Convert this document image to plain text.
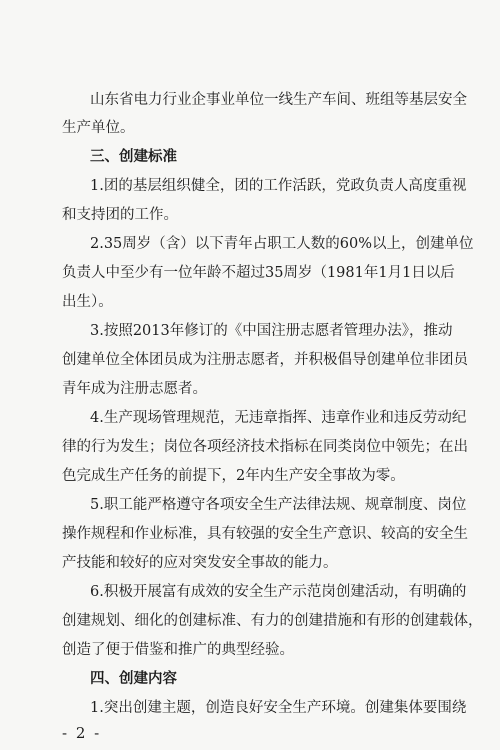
山东省电力行业企事业单位一线生产车间、班组等基层安全
生产单位。
三、创建标准
1.团的基层组织健全，团的工作活跃，党政负责人高度重视
和支持团的工作。
2.35周岁（含）以下青年占职工人数的60%以上，创建单位
负责人中至少有一位年龄不超过35周岁（1981年1月1日以后
出生）。
3.按照2013年修订的《中国注册志愿者管理办法》，推动
创建单位全体团员成为注册志愿者，并积极倡导创建单位非团员
青年成为注册志愿者。
4.生产现场管理规范，无违章指挥、违章作业和违反劳动纪
律的行为发生；岗位各项经济技术指标在同类岗位中领先；在出
色完成生产任务的前提下，2年内生产安全事故为零。
5.职工能严格遵守各项安全生产法律法规、规章制度、岗位
操作规程和作业标准，具有较强的安全生产意识、较高的安全生
产技能和较好的应对突发安全事故的能力。
6.积极开展富有成效的安全生产示范岗创建活动，有明确的
创建规划、细化的创建标准、有力的创建措施和有形的创建载体，
创造了便于借鉴和推广的典型经验。
四、创建内容
1.突出创建主题，创造良好安全生产环境。创建集体要围绕
- 2 -
